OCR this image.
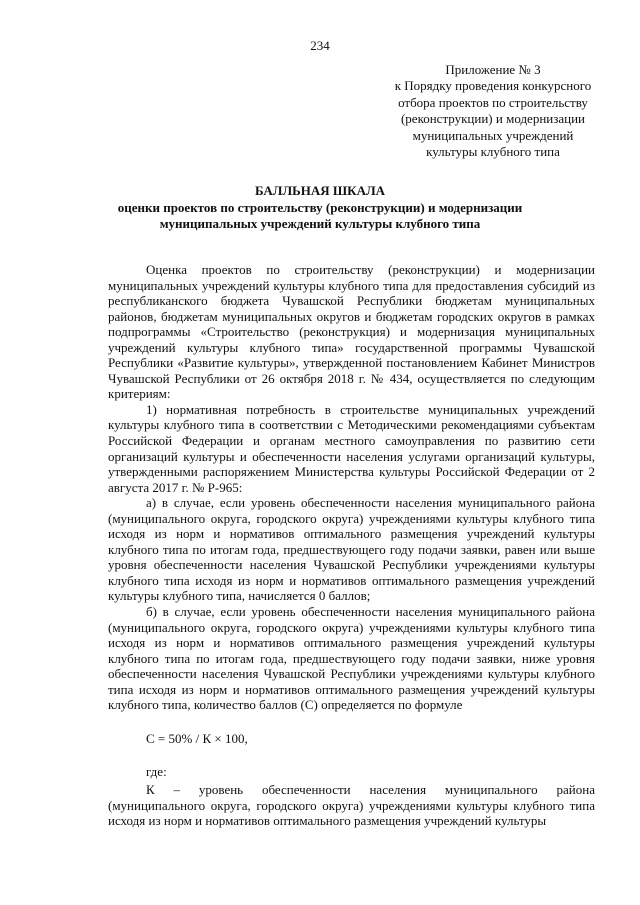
234
Приложение № 3
к Порядку проведения конкурсного
отбора проектов по строительству
(реконструкции) и модернизации
муниципальных учреждений
культуры клубного типа
БАЛЛЬНАЯ ШКАЛА
оценки проектов по строительству (реконструкции) и модернизации
муниципальных учреждений культуры клубного типа

Оценка проектов по строительству (реконструкции) и модернизации муниципальных учреждений культуры клубного типа для предоставления субсидий из республиканского бюджета Чувашской Республики бюджетам муниципальных районов, бюджетам муниципальных округов и бюджетам городских округов в рамках подпрограммы «Строительство (реконструкция) и модернизация муниципальных учреждений культуры клубного типа» государственной программы Чувашской Республики «Развитие культуры», утвержденной постановлением Кабинет Министров Чувашской Республики от 26 октября 2018 г. № 434, осуществляется по следующим критериям:

1) нормативная потребность в строительстве муниципальных учреждений культуры клубного типа в соответствии с Методическими рекомендациями субъектам Российской Федерации и органам местного самоуправления по развитию сети организаций культуры и обеспеченности населения услугами организаций культуры, утвержденными распоряжением Министерства культуры Российской Федерации от 2 августа 2017 г. № Р-965:

а) в случае, если уровень обеспеченности населения муниципального района (муниципального округа, городского округа) учреждениями культуры клубного типа исходя из норм и нормативов оптимального размещения учреждений культуры клубного типа по итогам года, предшествующего году подачи заявки, равен или выше уровня обеспеченности населения Чувашской Республики учреждениями культуры клубного типа исходя из норм и нормативов оптимального размещения учреждений культуры клубного типа, начисляется 0 баллов;

б) в случае, если уровень обеспеченности населения муниципального района (муниципального округа, городского округа) учреждениями культуры клубного типа исходя из норм и нормативов оптимального размещения учреждений культуры клубного типа по итогам года, предшествующего году подачи заявки, ниже уровня обеспеченности населения Чувашской Республики учреждениями культуры клубного типа исходя из норм и нормативов оптимального размещения учреждений культуры клубного типа, количество баллов (С) определяется по формуле

С = 50% / К × 100,

где:

К – уровень обеспеченности населения муниципального района (муниципального округа, городского округа) учреждениями культуры клубного типа исходя из норм и нормативов оптимального размещения учреждений культуры
